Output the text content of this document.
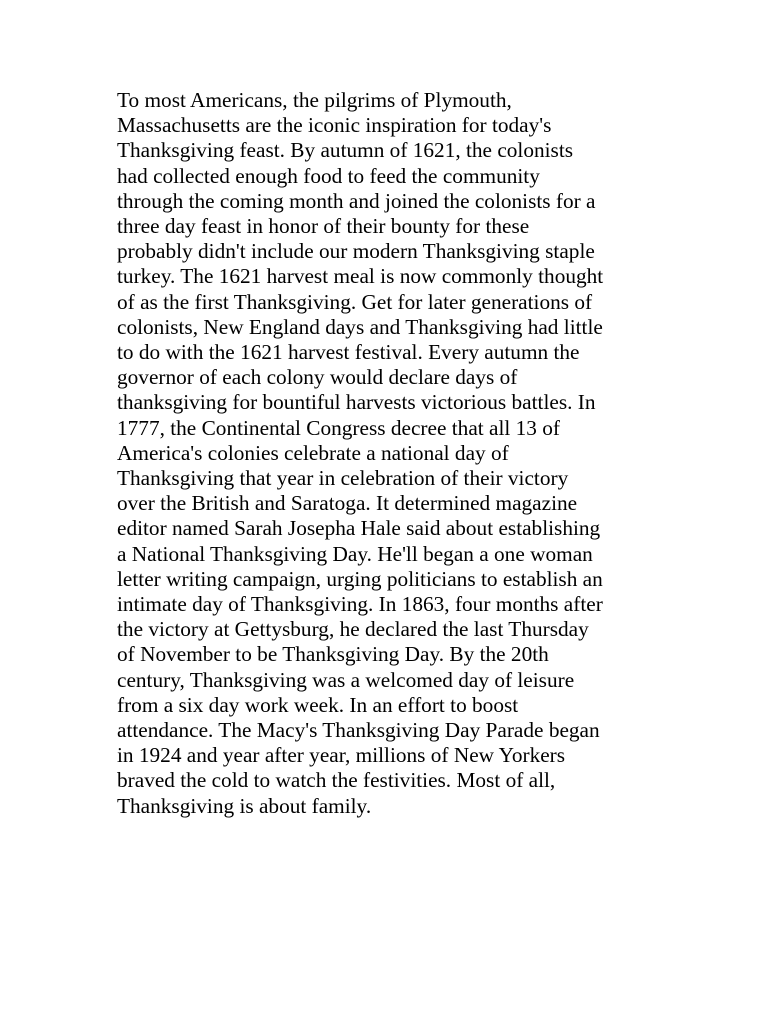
To most Americans, the pilgrims of Plymouth,
Massachusetts are the iconic inspiration for today's
Thanksgiving feast. By autumn of 1621, the colonists
had collected enough food to feed the community
through the coming month and joined the colonists for a
three day feast in honor of their bounty for these
probably didn't include our modern Thanksgiving staple
turkey. The 1621 harvest meal is now commonly thought
of as the first Thanksgiving. Get for later generations of
colonists, New England days and Thanksgiving had little
to do with the 1621 harvest festival. Every autumn the
governor of each colony would declare days of
thanksgiving for bountiful harvests victorious battles. In
1777, the Continental Congress decree that all 13 of
America's colonies celebrate a national day of
Thanksgiving that year in celebration of their victory
over the British and Saratoga. It determined magazine
editor named Sarah Josepha Hale said about establishing
a National Thanksgiving Day. He'll began a one woman
letter writing campaign, urging politicians to establish an
intimate day of Thanksgiving. In 1863, four months after
the victory at Gettysburg, he declared the last Thursday
of November to be Thanksgiving Day. By the 20th
century, Thanksgiving was a welcomed day of leisure
from a six day work week. In an effort to boost
attendance. The Macy's Thanksgiving Day Parade began
in 1924 and year after year, millions of New Yorkers
braved the cold to watch the festivities. Most of all,
Thanksgiving is about family.
